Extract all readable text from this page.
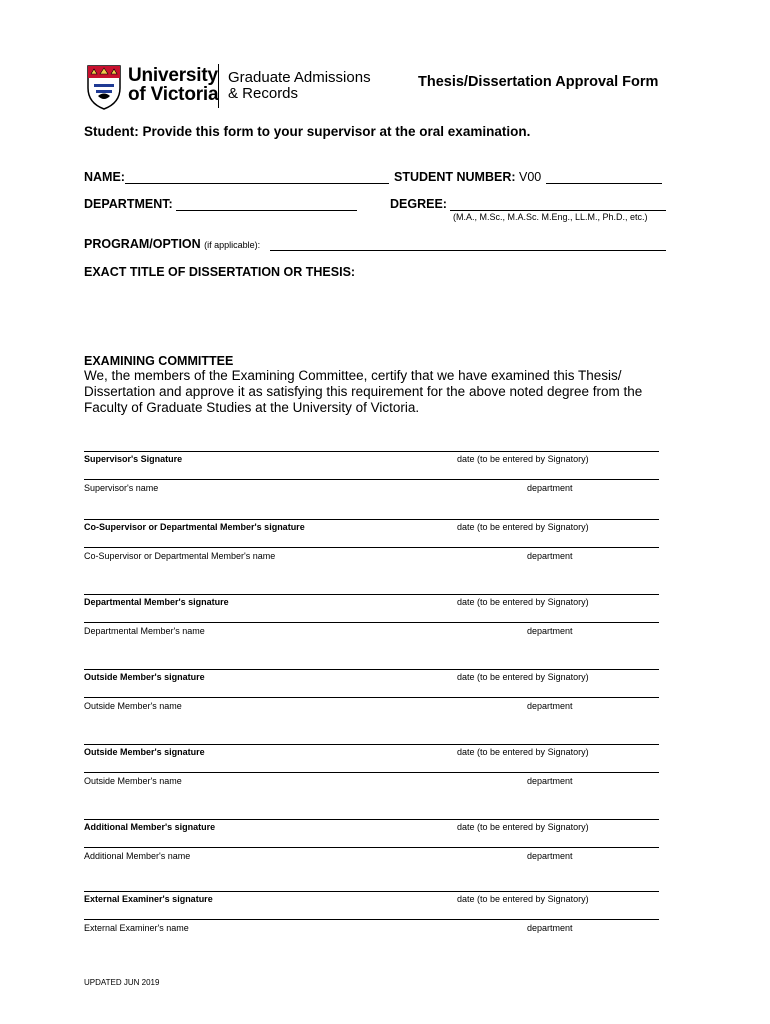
University
of Victoria
Graduate Admissions
& Records
Thesis/Dissertation Approval Form
Student: Provide this form to your supervisor at the oral examination.
NAME:	STUDENT NUMBER: V00
DEPARTMENT:	DEGREE:
(M.A., M.Sc., M.A.Sc. M.Eng., LL.M., Ph.D., etc.)
PROGRAM/OPTION (if applicable):
EXACT TITLE OF DISSERTATION OR THESIS:
EXAMINING COMMITTEE
We, the members of the Examining Committee, certify that we have examined this Thesis/ Dissertation and approve it as satisfying this requirement for the above noted degree from the Faculty of Graduate Studies at the University of Victoria.
Supervisor's Signature	date (to be entered by Signatory)
Supervisor's name	department
Co-Supervisor or Departmental Member's signature	date (to be entered by Signatory)
Co-Supervisor or Departmental Member's name	department
Departmental Member's signature	date (to be entered by Signatory)
Departmental Member's name	department
Outside Member's signature	date (to be entered by Signatory)
Outside Member's name	department
Outside Member's signature	date (to be entered by Signatory)
Outside Member's name	department
Additional Member's signature	date (to be entered by Signatory)
Additional Member's name	department
External Examiner's signature	date (to be entered by Signatory)
External Examiner's name	department
UPDATED JUN 2019
